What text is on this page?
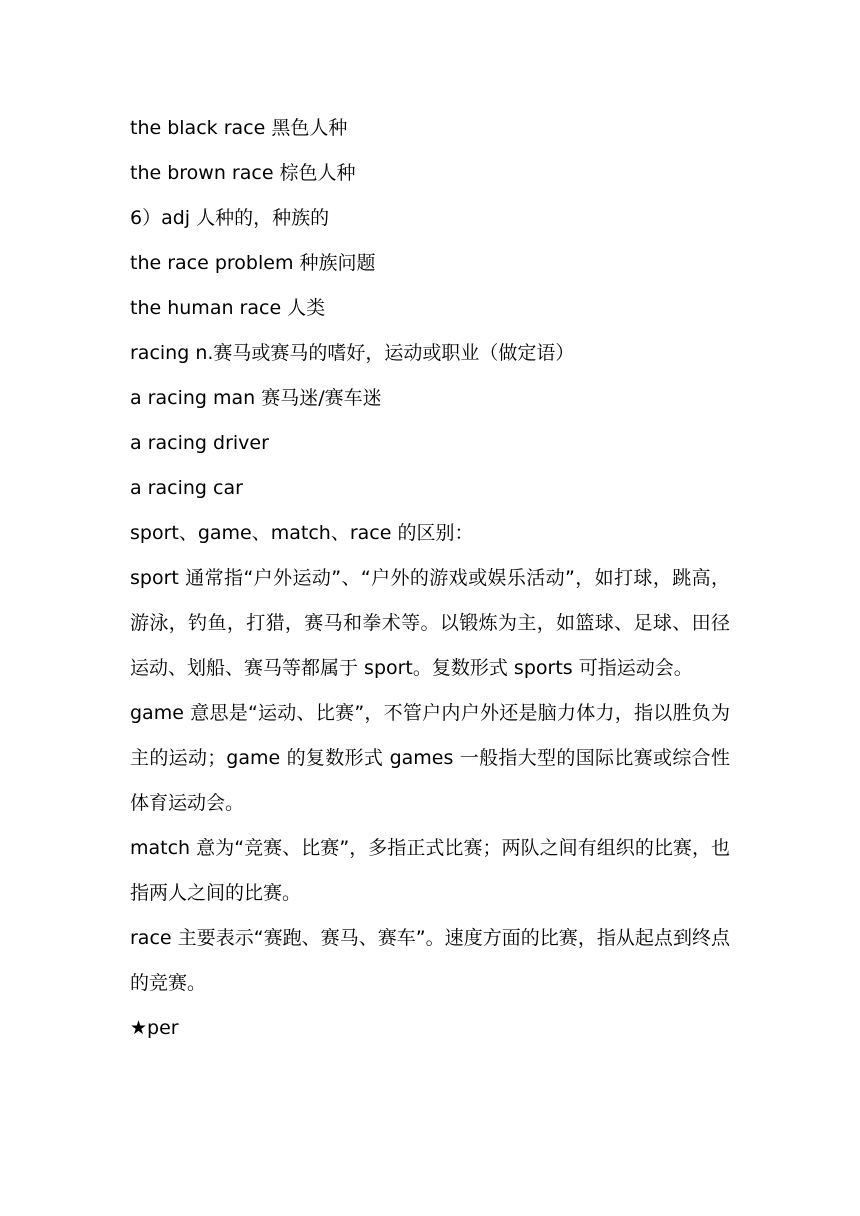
the black race 黑色人种

the brown race 棕色人种

6）adj 人种的，种族的

the race problem 种族问题

the human race 人类

racing n.赛马或赛马的嗜好，运动或职业（做定语）

a racing man 赛马迷/赛车迷

a racing driver

a racing car

sport、game、match、race 的区别：

sport 通常指“户外运动”、“户外的游戏或娱乐活动”，如打球，跳高，游泳，钓鱼，打猎，赛马和拳术等。以锻炼为主，如篮球、足球、田径运动、划船、赛马等都属于 sport。复数形式 sports 可指运动会。

game 意思是“运动、比赛”，不管户内户外还是脑力体力，指以胜负为主的运动；game 的复数形式 games 一般指大型的国际比赛或综合性体育运动会。

match 意为“竞赛、比赛”，多指正式比赛；两队之间有组织的比赛，也指两人之间的比赛。

race 主要表示“赛跑、赛马、赛车”。速度方面的比赛，指从起点到终点的竞赛。

★per
